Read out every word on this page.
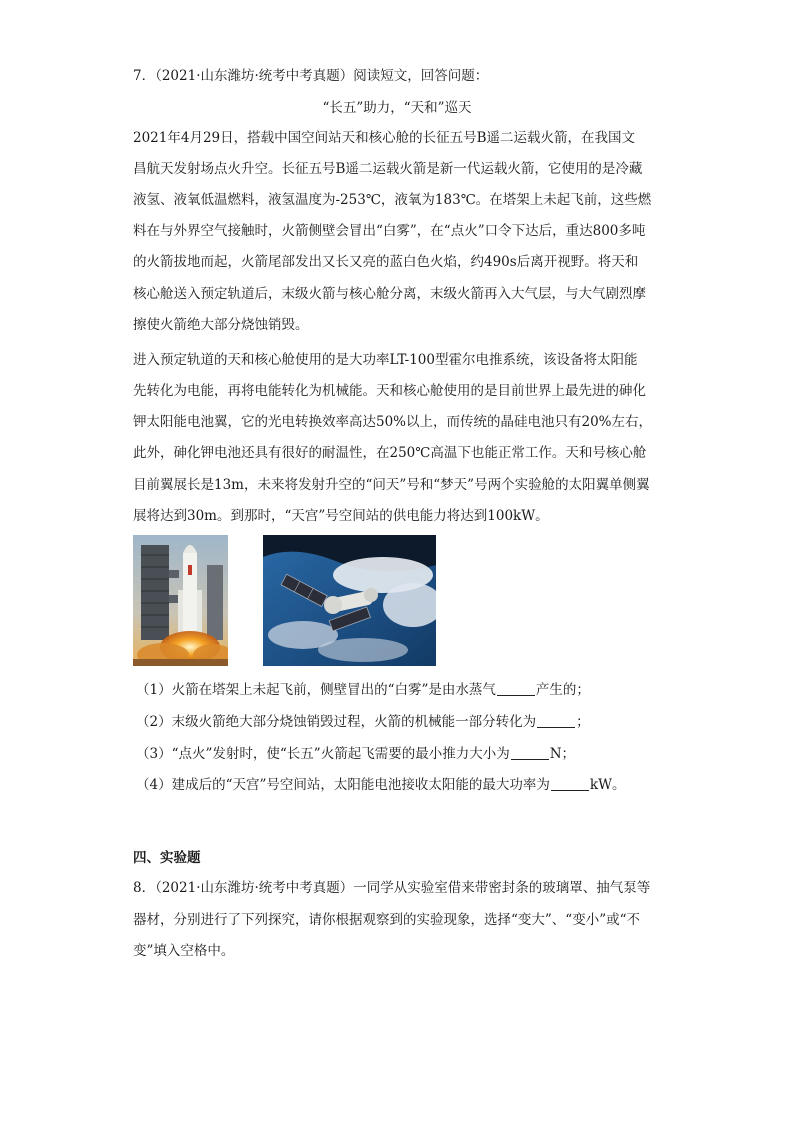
7．（2021·山东潍坊·统考中考真题）阅读短文，回答问题：
“长五”助力，“天和”巡天
2021年4月29日，搭载中国空间站天和核心舱的长征五号B遥二运载火箭，在我国文
昌航天发射场点火升空。长征五号B遥二运载火箭是新一代运载火箭，它使用的是冷藏
液氢、液氧低温燃料，液氢温度为-253℃，液氧为183℃。在塔架上未起飞前，这些燃
料在与外界空气接触时，火箭侧壁会冒出“白雾”，在“点火”口令下达后，重达800多吨
的火箭拔地而起，火箭尾部发出又长又亮的蓝白色火焰，约490s后离开视野。将天和
核心舱送入预定轨道后，末级火箭与核心舱分离，末级火箭再入大气层，与大气剧烈摩
擦使火箭绝大部分烧蚀销毁。
进入预定轨道的天和核心舱使用的是大功率LT-100型霍尔电推系统，该设备将太阳能
先转化为电能，再将电能转化为机械能。天和核心舱使用的是目前世界上最先进的砷化
钾太阳能电池翼，它的光电转换效率高达50%以上，而传统的晶硅电池只有20%左右，
此外，砷化钾电池还具有很好的耐温性，在250℃高温下也能正常工作。天和号核心舱
目前翼展长是13m，未来将发射升空的“问天”号和“梦天”号两个实验舱的太阳翼单侧翼
展将达到30m。到那时，“天宫”号空间站的供电能力将达到100kW。
（1）火箭在塔架上未起飞前，侧壁冒出的“白雾”是由水蒸气	产生的；
（2）末级火箭绝大部分烧蚀销毁过程，火箭的机械能一部分转化为	；
（3）“点火”发射时，使“长五”火箭起飞需要的最小推力大小为	N；
（4）建成后的“天宫”号空间站，太阳能电池接收太阳能的最大功率为	kW。
四、实验题
8．（2021·山东潍坊·统考中考真题）一同学从实验室借来带密封条的玻璃罩、抽气泵等
器材，分别进行了下列探究，请你根据观察到的实验现象，选择“变大”、“变小”或“不
变”填入空格中。
